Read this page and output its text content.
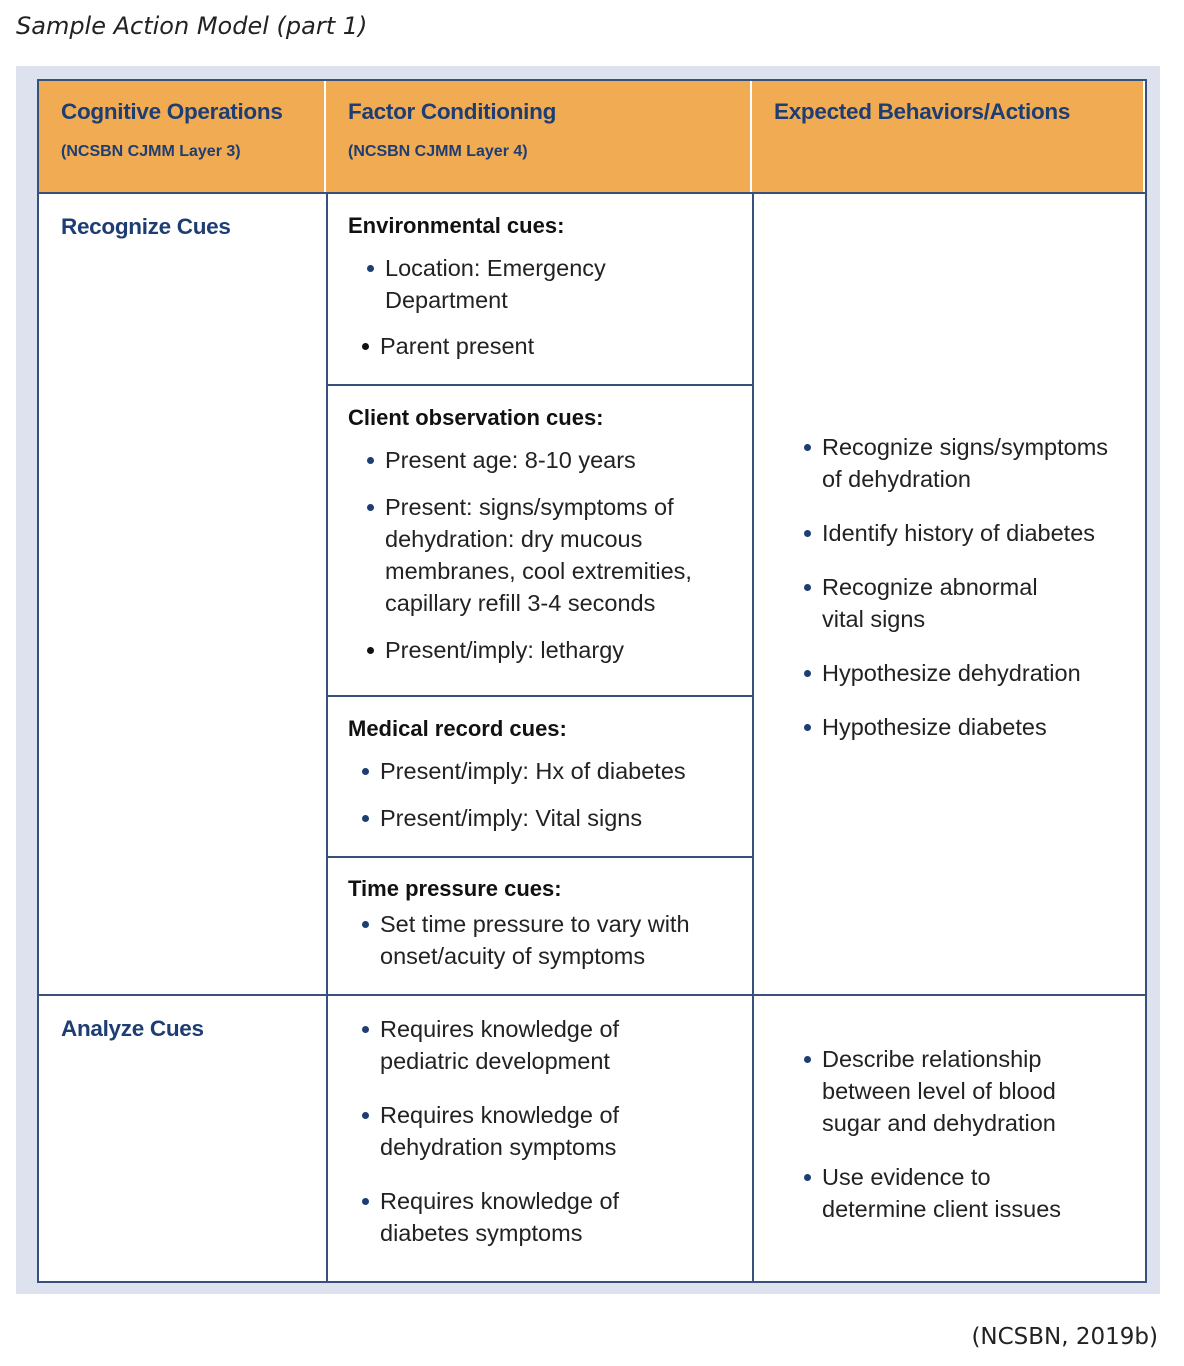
Sample Action Model (part 1)
Cognitive Operations
(NCSBN CJMM Layer 3)
Factor Conditioning
(NCSBN CJMM Layer 4)
Expected Behaviors/Actions
Recognize Cues	Environmental cues:
Location: Emergency Department
Parent present
Client observation cues:
Present age: 8-10 years
Present: signs/symptoms of dehydration: dry mucous membranes, cool extremities, capillary refill 3-4 seconds
Present/imply: lethargy
Medical record cues:
Present/imply: Hx of diabetes
Present/imply: Vital signs
Time pressure cues:
Set time pressure to vary with onset/acuity of symptoms
Recognize signs/symptoms of dehydration
Identify history of diabetes
Recognize abnormal vital signs
Hypothesize dehydration
Hypothesize diabetes
Analyze Cues	Requires knowledge of pediatric development
Requires knowledge of dehydration symptoms
Requires knowledge of diabetes symptoms
Describe relationship between level of blood sugar and dehydration
Use evidence to determine client issues
(NCSBN, 2019b)
